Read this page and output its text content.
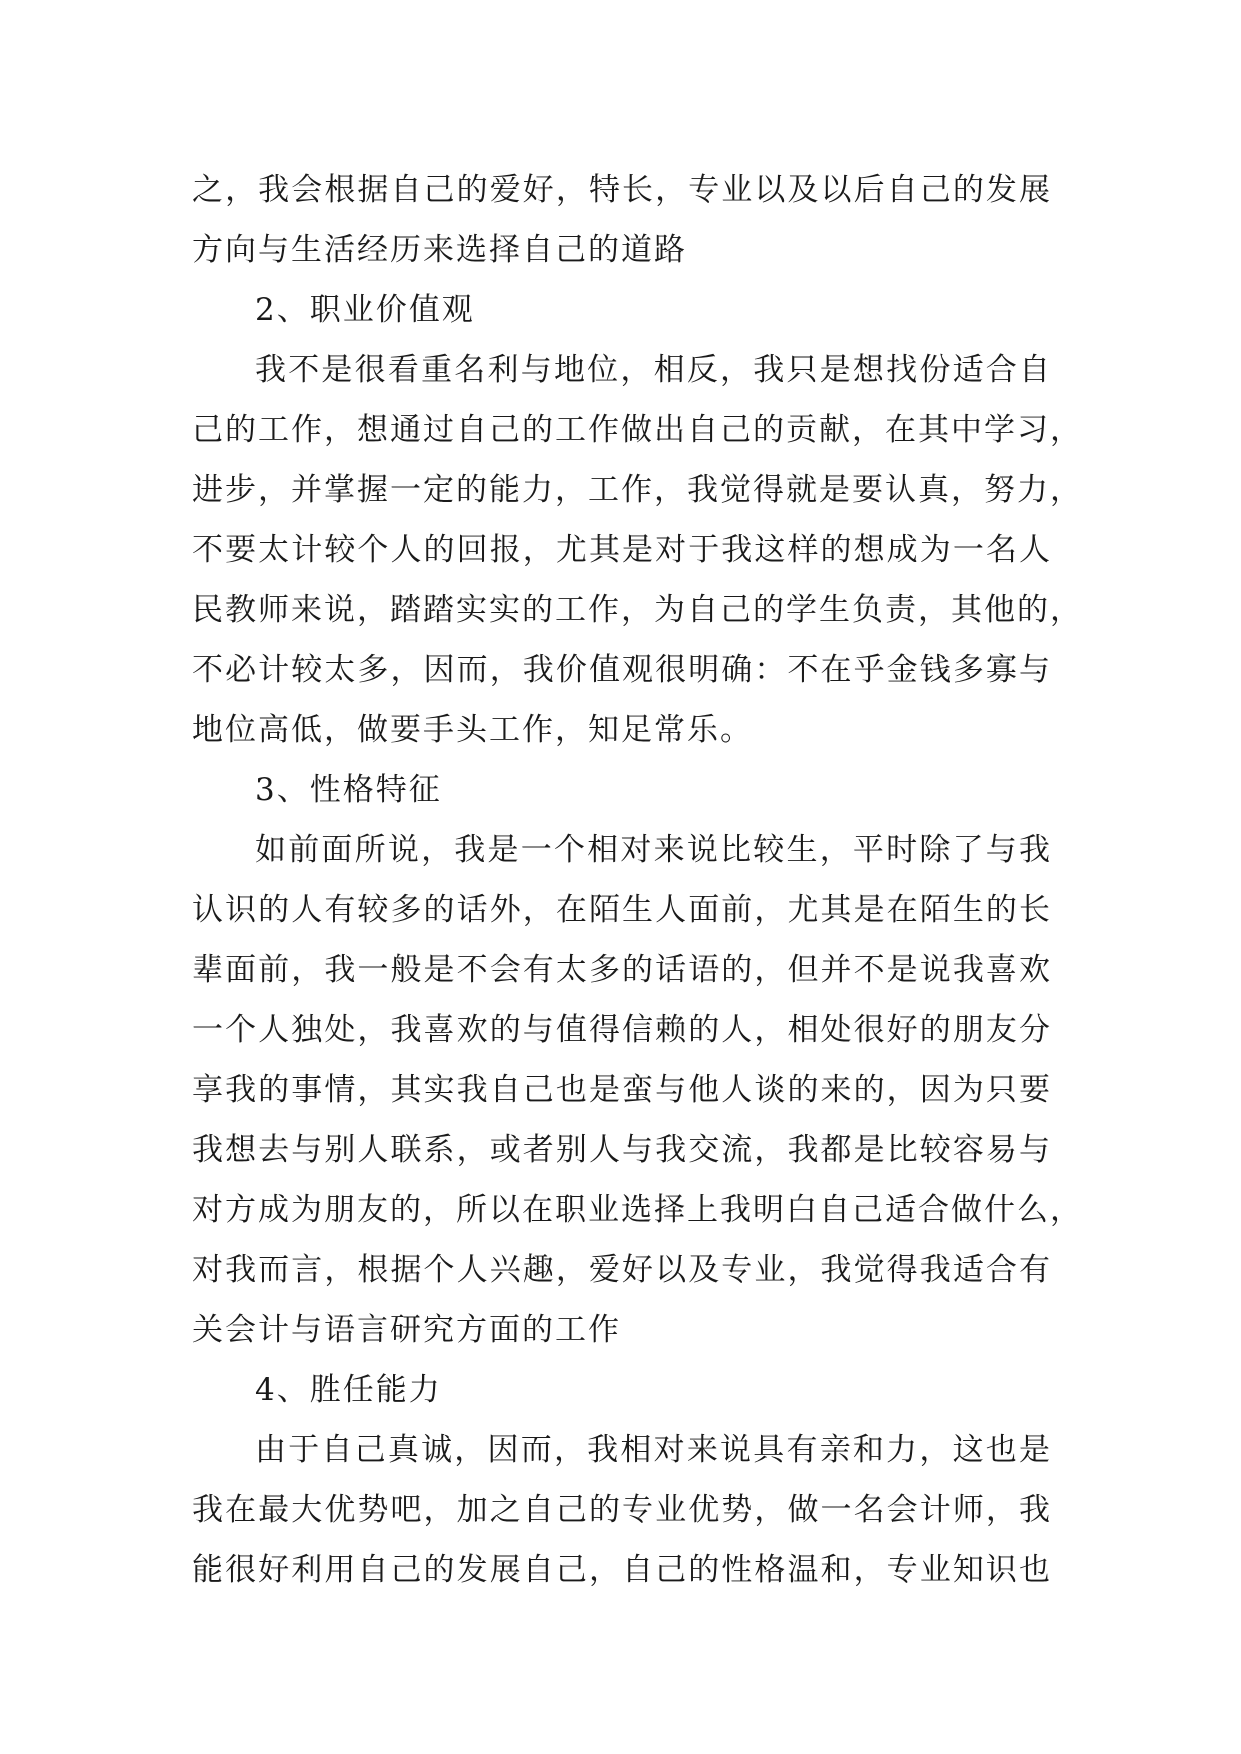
之，我会根据自己的爱好，特长，专业以及以后自己的发展
方向与生活经历来选择自己的道路
2、职业价值观
我不是很看重名利与地位，相反，我只是想找份适合自
己的工作，想通过自己的工作做出自己的贡献，在其中学习，
进步，并掌握一定的能力，工作，我觉得就是要认真，努力，
不要太计较个人的回报，尤其是对于我这样的想成为一名人
民教师来说，踏踏实实的工作，为自己的学生负责，其他的，
不必计较太多，因而，我价值观很明确：不在乎金钱多寡与
地位高低，做要手头工作，知足常乐。
3、性格特征
如前面所说，我是一个相对来说比较生，平时除了与我
认识的人有较多的话外，在陌生人面前，尤其是在陌生的长
辈面前，我一般是不会有太多的话语的，但并不是说我喜欢
一个人独处，我喜欢的与值得信赖的人，相处很好的朋友分
享我的事情，其实我自己也是蛮与他人谈的来的，因为只要
我想去与别人联系，或者别人与我交流，我都是比较容易与
对方成为朋友的，所以在职业选择上我明白自己适合做什么，
对我而言，根据个人兴趣，爱好以及专业，我觉得我适合有
关会计与语言研究方面的工作
4、胜任能力
由于自己真诚，因而，我相对来说具有亲和力，这也是
我在最大优势吧，加之自己的专业优势，做一名会计师，我
能很好利用自己的发展自己，自己的性格温和，专业知识也
